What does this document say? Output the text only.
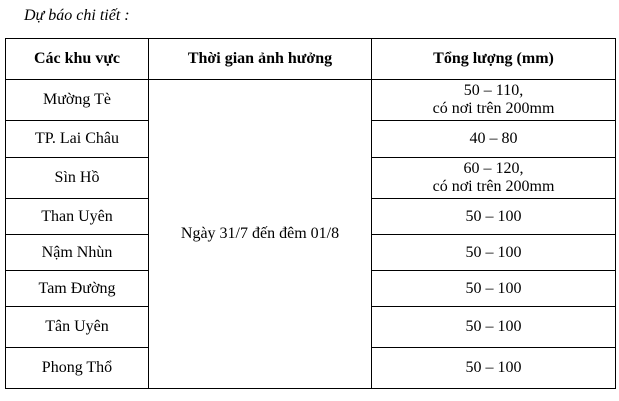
Dự báo chi tiết :
Các khu vực	Thời gian ảnh hưởng	Tổng lượng (mm)
Mường Tè	Ngày 31/7 đến đêm 01/8	50 – 110,
có nơi trên 200mm

TP. Lai Châu		40 – 80

Sìn Hồ		60 – 120,
có nơi trên 200mm

Than Uyên		50 – 100

Nậm Nhùn		50 – 100

Tam Đường		50 – 100

Tân Uyên		50 – 100

Phong Thổ		50 – 100
